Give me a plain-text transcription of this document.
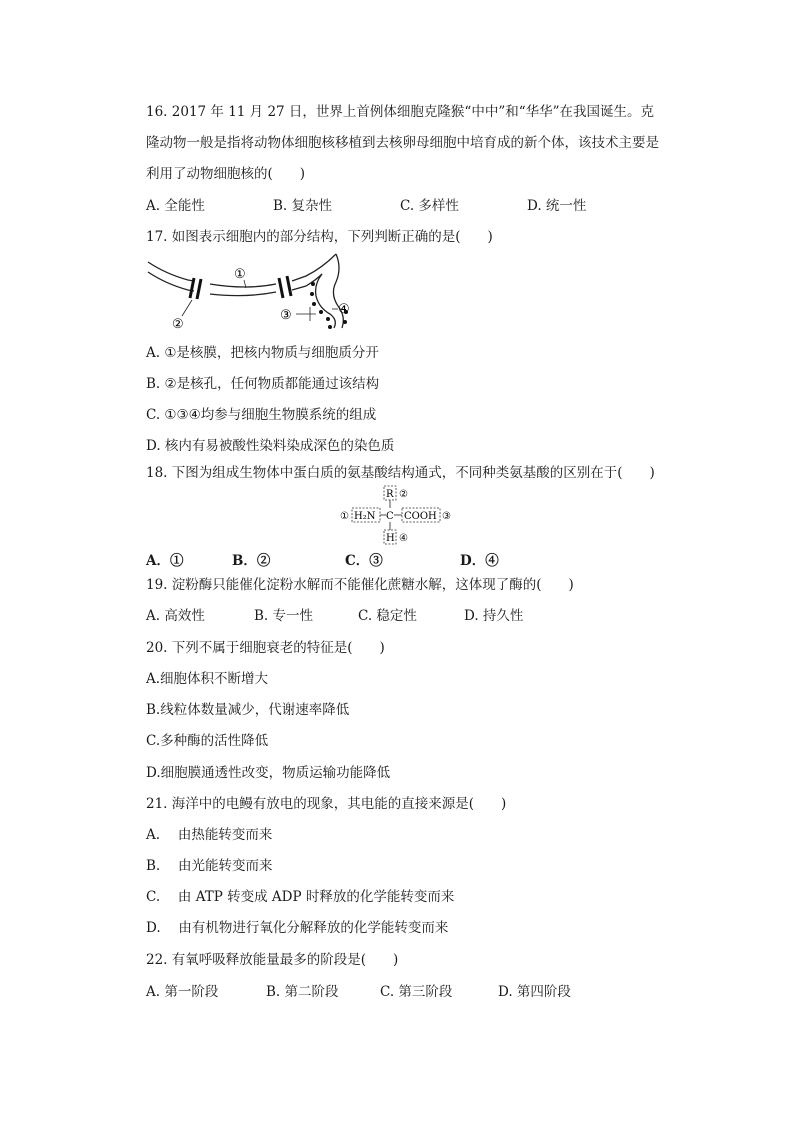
16. 2017 年 11 月 27 日，世界上首例体细胞克隆猴“中中”和“华华”在我国诞生。克
隆动物一般是指将动物体细胞核移植到去核卵母细胞中培育成的新个体，该技术主要是
利用了动物细胞核的(　　)
A. 全能性	B. 复杂性	C. 多样性	D. 统一性
17. 如图表示细胞内的部分结构，下列判断正确的是(　　)
①
②
③	④
A. ①是核膜，把核内物质与细胞质分开
B. ②是核孔，任何物质都能通过该结构
C. ①③④均参与细胞生物膜系统的组成
D. 核内有易被酸性染料染成深色的染色质
18. 下图为组成生物体中蛋白质的氨基酸结构通式，不同种类氨基酸的区别在于(　　)
R ②
① H₂N C COOH ③
H ④
A．①	B．②	C．③	D．④
19. 淀粉酶只能催化淀粉水解而不能催化蔗糖水解，这体现了酶的(　　)
A. 高效性	B. 专一性	C. 稳定性	D. 持久性
20. 下列不属于细胞衰老的特征是(　　)
A.细胞体积不断增大
B.线粒体数量减少，代谢速率降低
C.多种酶的活性降低
D.细胞膜通透性改变，物质运输功能降低
21. 海洋中的电鳗有放电的现象，其电能的直接来源是(　　)
A.　 由热能转变而来
B.　 由光能转变而来
C.　 由 ATP 转变成 ADP 时释放的化学能转变而来
D.　 由有机物进行氧化分解释放的化学能转变而来
22. 有氧呼吸释放能量最多的阶段是(　　)
A. 第一阶段	B. 第二阶段	C. 第三阶段	D. 第四阶段
